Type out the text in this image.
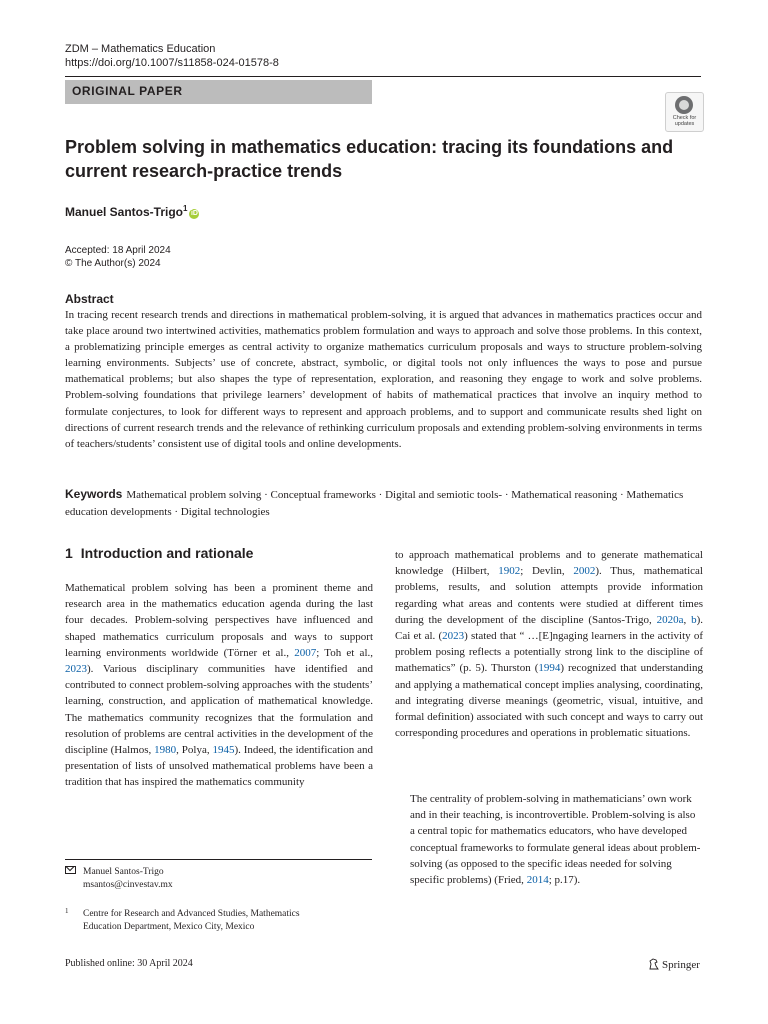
ZDM – Mathematics Education
https://doi.org/10.1007/s11858-024-01578-8
ORIGINAL PAPER
Check for
updates
Problem solving in mathematics education: tracing its foundations and current research-practice trends
Manuel Santos-Trigo$^1$iD
Accepted: 18 April 2024
© The Author(s) 2024
Abstract
In tracing recent research trends and directions in mathematical problem-solving, it is argued that advances in mathematics practices occur and take place around two intertwined activities, mathematics problem formulation and ways to approach and solve those problems. In this context, a problematizing principle emerges as central activity to organize mathematics curriculum proposals and ways to structure problem-solving learning environments. Subjects’ use of concrete, abstract, symbolic, or digital tools not only influences the ways to pose and pursue mathematical problems; but also shapes the type of representation, exploration, and reasoning they engage to work and solve problems. Problem-solving foundations that privilege learners’ development of habits of mathematical practices that involve an inquiry method to formulate conjectures, to look for different ways to represent and approach problems, and to support and communicate results shed light on directions of current research trends and the relevance of rethinking curriculum proposals and extending problem-solving environments in terms of teachers/students’ consistent use of digital tools and online developments.
Keywords Mathematical problem solving · Conceptual frameworks · Digital and semiotic tools- · Mathematical reasoning · Mathematics education developments · Digital technologies
1 Introduction and rationale
Mathematical problem solving has been a prominent theme and research area in the mathematics education agenda during the last four decades. Problem-solving perspectives have influenced and shaped mathematics curriculum proposals and ways to support learning environments worldwide (Törner et al., 2007; Toh et al., 2023). Various disciplinary communities have identified and contributed to connect problem-solving approaches with the students’ learning, construction, and application of mathematical knowledge. The mathematics community recognizes that the formulation and resolution of problems are central activities in the development of the discipline (Halmos, 1980, Polya, 1945). Indeed, the identification and presentation of lists of unsolved mathematical problems have been a tradition that has inspired the mathematics community
to approach mathematical problems and to generate mathematical knowledge (Hilbert, 1902; Devlin, 2002). Thus, mathematical problems, results, and solution attempts provide information regarding what areas and contents were studied at different times during the development of the discipline (Santos-Trigo, 2020a, b). Cai et al. (2023) stated that “ …[E]ngaging learners in the activity of problem posing reflects a potentially strong link to the discipline of mathematics” (p. 5). Thurston (1994) recognized that understanding and applying a mathematical concept implies analysing, coordinating, and integrating diverse meanings (geometric, visual, intuitive, and formal definition) associated with such concept and ways to carry out corresponding procedures and operations in problematic situations.
The centrality of problem-solving in mathematicians’ own work and in their teaching, is incontrovertible. Problem-solving is also a central topic for mathematics educators, who have developed conceptual frameworks to formulate general ideas about problem-solving (as opposed to the specific ideas needed for solving specific problems) (Fried, 2014; p.17).
Manuel Santos-Trigo
msantos@cinvestav.mx
1 Centre for Research and Advanced Studies, Mathematics
Education Department, Mexico City, Mexico
Published online: 30 April 2024	Springer
